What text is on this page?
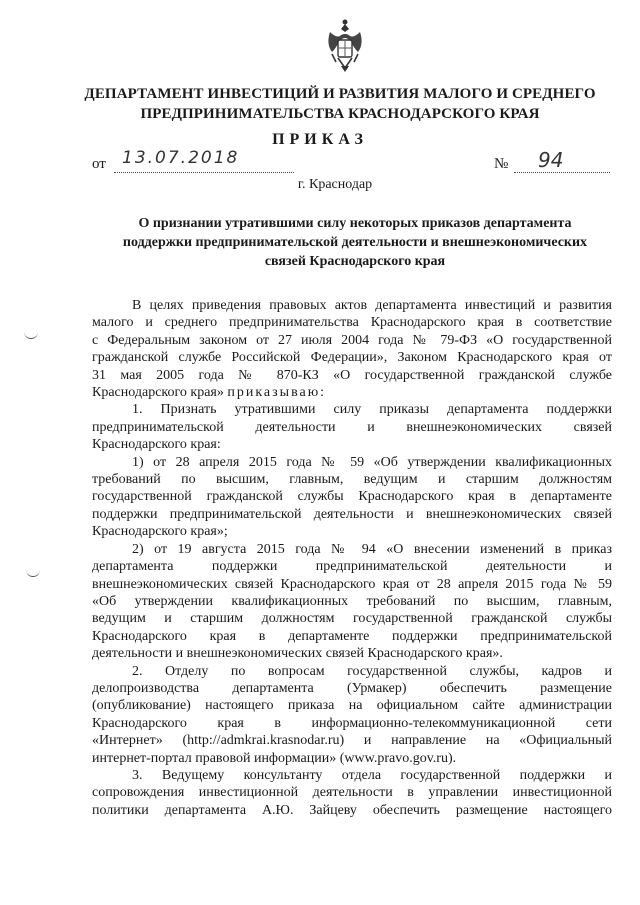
ДЕПАРТАМЕНТ ИНВЕСТИЦИЙ И РАЗВИТИЯ МАЛОГО И СРЕДНЕГО
ПРЕДПРИНИМАТЕЛЬСТВА КРАСНОДАРСКОГО КРАЯ
ПРИКАЗ
от 13.07.2018	№ 94
г. Краснодар
О признании утратившими силу некоторых приказов департамента
поддержки предпринимательской деятельности и внешнеэкономических
связей Краснодарского края
В целях приведения правовых актов департамента инвестиций и развития
малого и среднего предпринимательства Краснодарского края в соответствие
с Федеральным законом от 27 июля 2004 года № 79-ФЗ «О государственной
гражданской службе Российской Федерации», Законом Краснодарского края от
31 мая 2005 года № 870-КЗ «О государственной гражданской службе
Краснодарского края» приказываю:
1. Признать утратившими силу приказы департамента поддержки
предпринимательской деятельности и внешнеэкономических связей
Краснодарского края:
1) от 28 апреля 2015 года № 59 «Об утверждении квалификационных
требований по высшим, главным, ведущим и старшим должностям
государственной гражданской службы Краснодарского края в департаменте
поддержки предпринимательской деятельности и внешнеэкономических связей
Краснодарского края»;
2) от 19 августа 2015 года № 94 «О внесении изменений в приказ
департамента поддержки предпринимательской деятельности и
внешнеэкономических связей Краснодарского края от 28 апреля 2015 года № 59
«Об утверждении квалификационных требований по высшим, главным,
ведущим и старшим должностям государственной гражданской службы
Краснодарского края в департаменте поддержки предпринимательской
деятельности и внешнеэкономических связей Краснодарского края».
2. Отделу по вопросам государственной службы, кадров и
делопроизводства департамента (Урмакер) обеспечить размещение
(опубликование) настоящего приказа на официальном сайте администрации
Краснодарского края в информационно-телекоммуникационной сети
«Интернет» (http://admkrai.krasnodar.ru) и направление на «Официальный
интернет-портал правовой информации» (www.pravo.gov.ru).
3. Ведущему консультанту отдела государственной поддержки и
сопровождения инвестиционной деятельности в управлении инвестиционной
политики департамента А.Ю. Зайцеву обеспечить размещение настоящего
